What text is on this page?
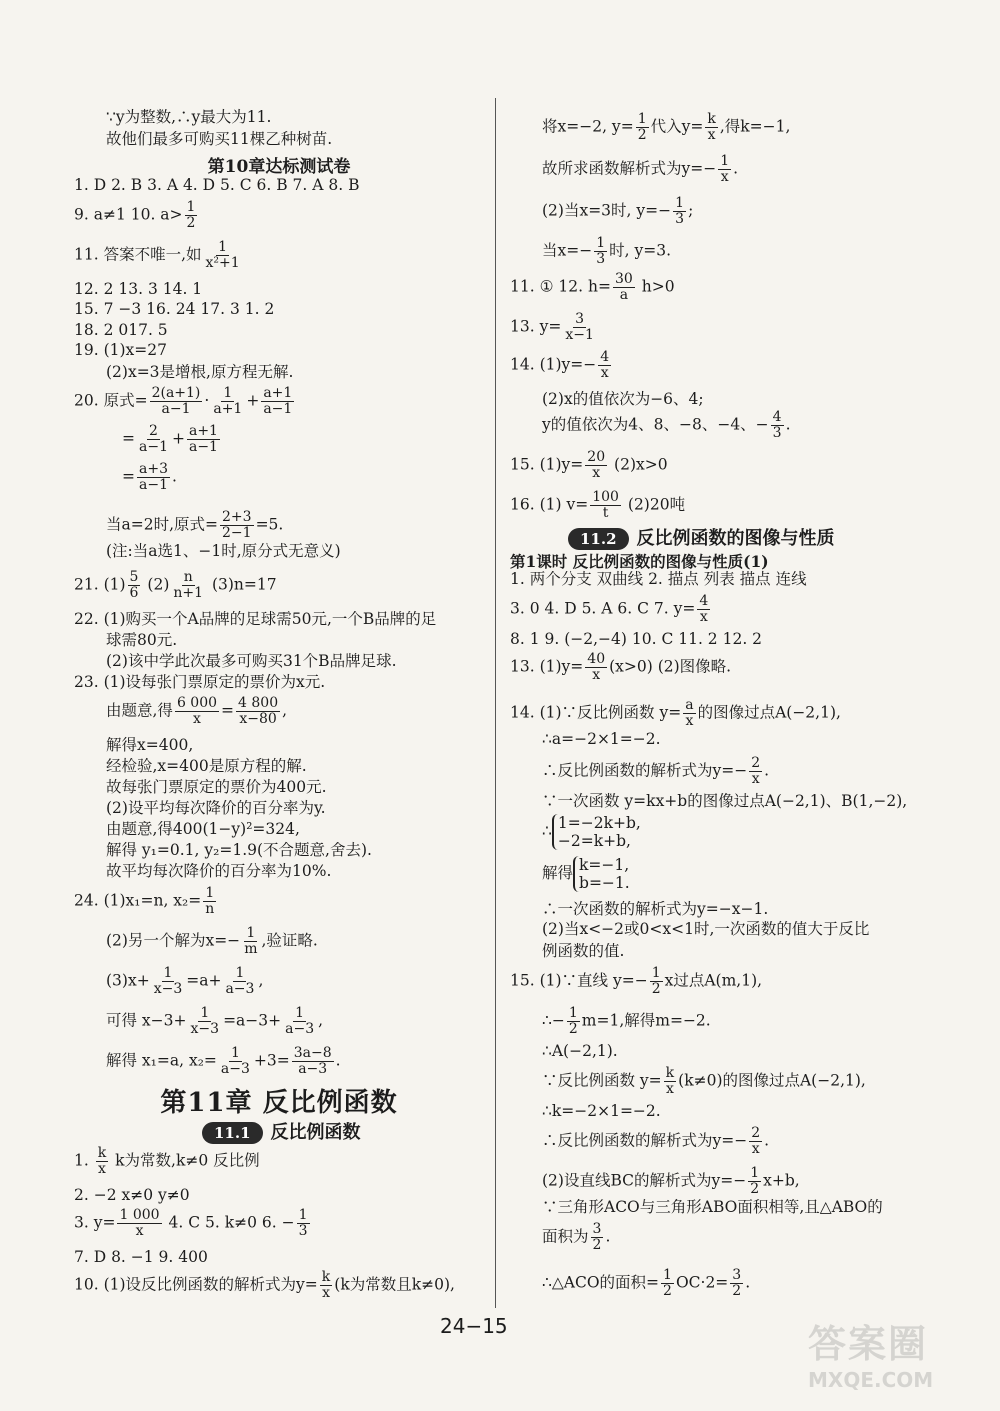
∵y为整数,∴y最大为11.
故他们最多可购买11棵乙种树苗.
第10章达标测试卷
1. D 2. B 3. A 4. D 5. C 6. B 7. A 8. B
9. a≠1 10. $a> \frac{1}{2}$
11. 答案不唯一,如 $\frac{1}{\text{x²+1}}$
12. 2 13. 3 14. 1
15. 7 −3 16. 24 17. 3 1. 2
18. 2 017. 5
19. (1)x=27
(2)x=3是增根,原方程无解.
20. 原式= $\frac{2(a+1)}{a-1} \cdot \frac{1}{a+1} + \frac{a+1}{a-1}$
= $\frac{2}{a-1} + \frac{a+1}{a-1}$
= $\frac{a+3}{a-1}$ .
当a=2时,原式= $\frac{2+3}{2-1} =5$.
(注:当a选1、−1时,原分式无意义)
21. $(1) \frac{5}{6} (2) \frac{n}{n+1} (3)n=17$
22. (1)购买一个A品牌的足球需50元,一个B品牌的足
球需80元.
(2)该中学此次最多可购买31个B品牌足球.
23. (1)设每张门票原定的票价为x元.
由题意,得 $\frac{6 000}{x} = \frac{4 800}{x-80}$ ,
解得x=400,
经检验,x=400是原方程的解.
故每张门票原定的票价为400元.
(2)设平均每次降价的百分率为y.
由题意,得400(1−y)²=324,
解得 y₁=0.1, y₂=1.9(不合题意,舍去).
故平均每次降价的百分率为10%.
24. (1)x₁=n, $x_2= \frac{1}{n}$
(2)另一个解为$x=- \frac{1}{m}$ ,验证略.
$(3)x+ \frac{1}{x-3} =a+ \frac{1}{a-3}$ ,
可得 $x-3+ \frac{1}{x-3} =a-3+ \frac{1}{a-3}$ ,
解得 x₁=a, $x_2= \frac{1}{a-3} +3= \frac{3a-8}{a-3}$ .
第11章 反比例函数
11.1 反比例函数
1. $\frac{k}{x}$ k为常数,k≠0 反比例
2. −2 x≠0 y≠0
3. $y= \frac{1 000}{x} 4$. C 5. k≠0 6. − $\frac{1}{3}$
7. D 8. −1 9. 400
10. (1)设反比例函数的解析式为$y= \frac{k}{x} (k$为常数且k≠0),
将x=−2, $y= \frac{1}{2}$ 代入$y= \frac{k}{x}$ ,得k=−1,
故所求函数解析式为$y=- \frac{1}{x}$ .
(2)当x=3时, $y=- \frac{1}{3}$ ;
当$x=- \frac{1}{3}$ 时, y=3.
11. ① 12. $h= \frac{30}{a} h>0$
13. $y= \frac{3}{x-1}$
14. $(1)y=- \frac{4}{x}$
(2)x的值依次为−6、4;
y的值依次为4、8、−8、−4、− $\frac{4}{3}$ .
15. $(1)y= \frac{20}{x} (2)x>0$
16. (1) $v= \frac{100}{t} (2)20$吨
11.2 反比例函数的图像与性质
第1课时 反比例函数的图像与性质(1)
1. 两个分支 双曲线 2. 描点 列表 描点 连线
3. 0 4. D 5. A 6. C 7. $y= \frac{4}{x}$
8. 1 9. (−2,−4) 10. C 11. 2 12. 2
13. $(1)y= \frac{40}{x} (x>0)$ (2)图像略.
14. (1)∵反比例函数 $y= \frac{a}{x}$ 的图像过点A(−2,1),
∴a=−2×1=−2.
∴反比例函数的解析式为$y=- \frac{2}{x}$ .
∵一次函数 y=kx+b的图像过点A(−2,1)、B(1,−2),
∴ 1=−2k+b,
−2=k+b,
解得 k=−1,
b=−1.
∴一次函数的解析式为y=−x−1.
(2)当x<−2或0<x<1时,一次函数的值大于反比
例函数的值.
15. (1)∵直线 $y=- \frac{1}{2}$ x过点A(m,1),
∴− $\frac{1}{2} m=1$,解得m=−2.
∴A(−2,1).
∵反比例函数 $y= \frac{k}{x} (k\ne 0)$的图像过点A(−2,1),
∴k=−2×1=−2.
∴反比例函数的解析式为$y=- \frac{2}{x}$ .
(2)设直线BC的解析式为$y=- \frac{1}{2} x+b$,
∵三角形ACO与三角形ABO面积相等,且△ABO的
面积为 $\frac{3}{2}$ .
∴△ACO的面积= $\frac{1}{2} OC\cdot 2= \frac{3}{2}$ .
24−15	答案圈
MXQE.COM
